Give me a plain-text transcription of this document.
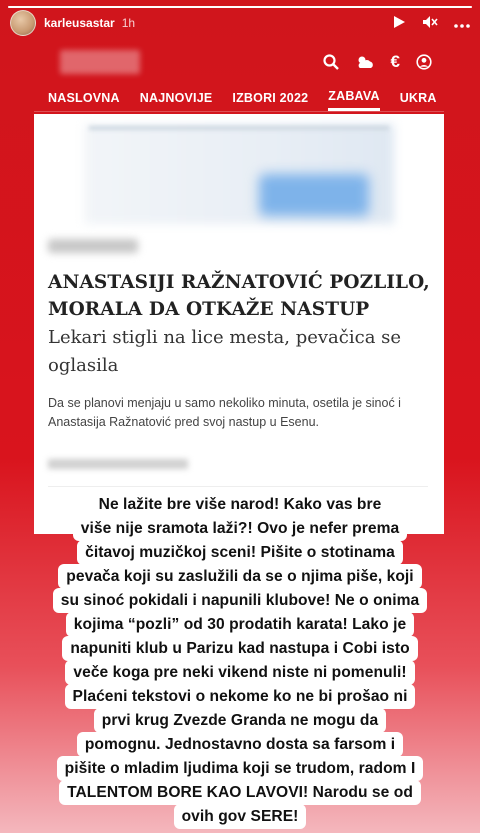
karleusastar 1h
€
NASLOVNA NAJNOVIJE IZBORI 2022 ZABAVA UKRA
ANASTASIJI RAŽNATOVIĆ POZLILO, MORALA DA OTKAŽE NASTUP
Lekari stigli na lice mesta, pevačica se oglasila
Da se planovi menjaju u samo nekoliko minuta, osetila je sinoć i Anastasija Ražnatović pred svoj nastup u Esenu.
Ne lažite bre više narod! Kako vas bre
više nije sramota laži?! Ovo je nefer prema
čitavoj muzičkoj sceni! Pišite o stotinama
pevača koji su zaslužili da se o njima piše, koji
su sinoć pokidali i napunili klubove! Ne o onima
kojima “pozli” od 30 prodatih karata! Lako je
napuniti klub u Parizu kad nastupa i Cobi isto
veče koga pre neki vikend niste ni pomenuli!
Plaćeni tekstovi o nekome ko ne bi prošao ni
prvi krug Zvezde Granda ne mogu da
pomognu. Jednostavno dosta sa farsom i
pišite o mladim ljudima koji se trudom, radom I
TALENTOM BORE KAO LAVOVI! Narodu se od
ovih gov SERE!
